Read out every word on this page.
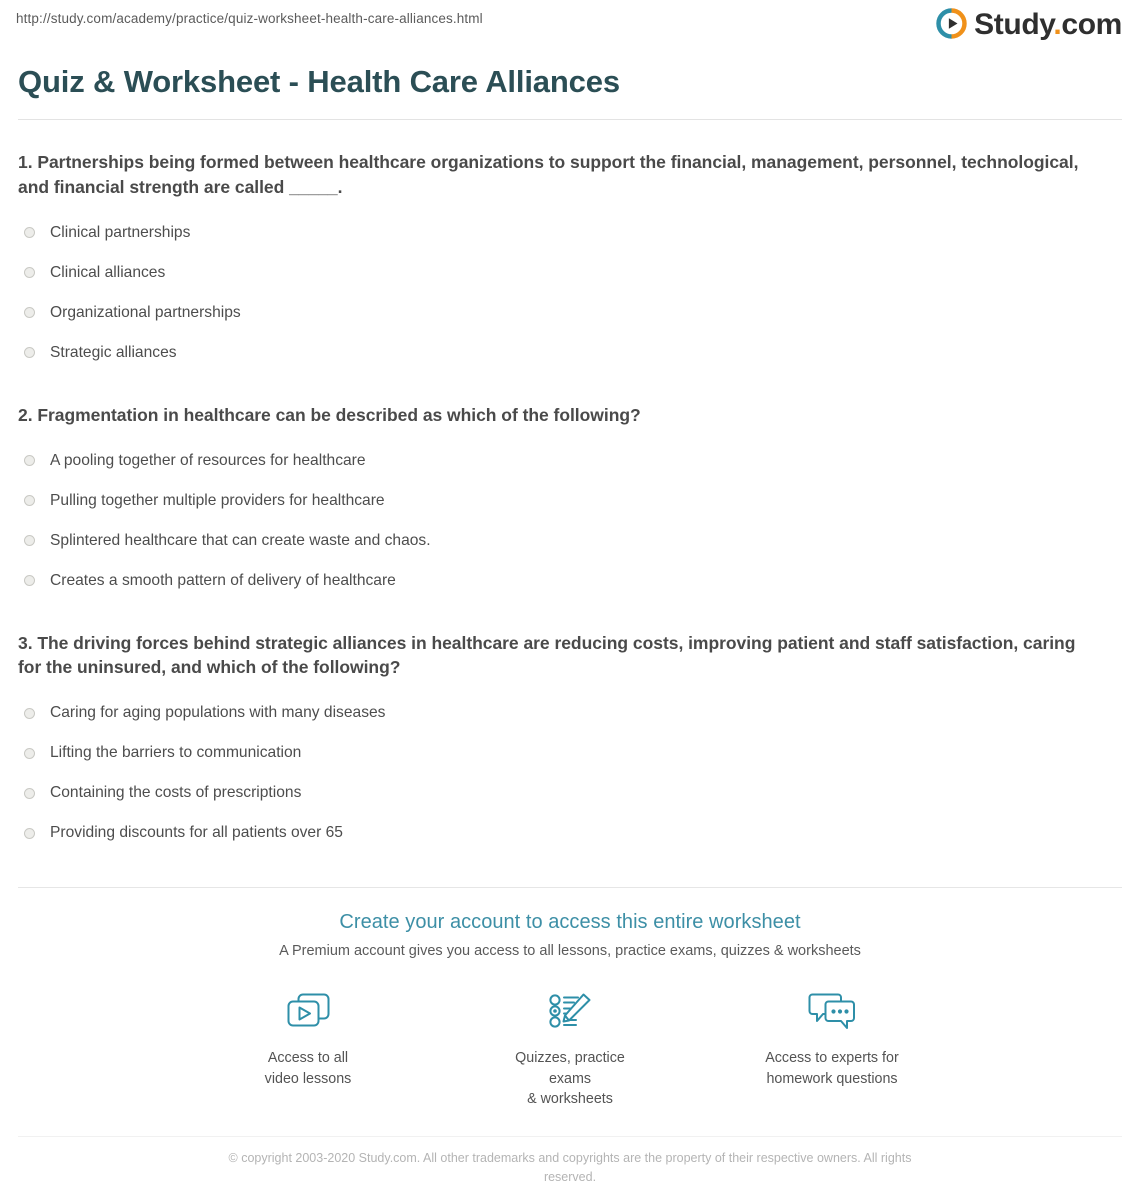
http://study.com/academy/practice/quiz-worksheet-health-care-alliances.html	Study.com
Quiz & Worksheet - Health Care Alliances
1. Partnerships being formed between healthcare organizations to support the financial, management, personnel, technological, and financial strength are called _____.
Clinical partnerships
Clinical alliances
Organizational partnerships
Strategic alliances
2. Fragmentation in healthcare can be described as which of the following?
A pooling together of resources for healthcare
Pulling together multiple providers for healthcare
Splintered healthcare that can create waste and chaos.
Creates a smooth pattern of delivery of healthcare
3. The driving forces behind strategic alliances in healthcare are reducing costs, improving patient and staff satisfaction, caring for the uninsured, and which of the following?
Caring for aging populations with many diseases
Lifting the barriers to communication
Containing the costs of prescriptions
Providing discounts for all patients over 65
Create your account to access this entire worksheet
A Premium account gives you access to all lessons, practice exams, quizzes & worksheets
Access to all
video lessons
Quizzes, practice exams
& worksheets
Access to experts for
homework questions
© copyright 2003-2020 Study.com. All other trademarks and copyrights are the property of their respective owners. All rights reserved.
